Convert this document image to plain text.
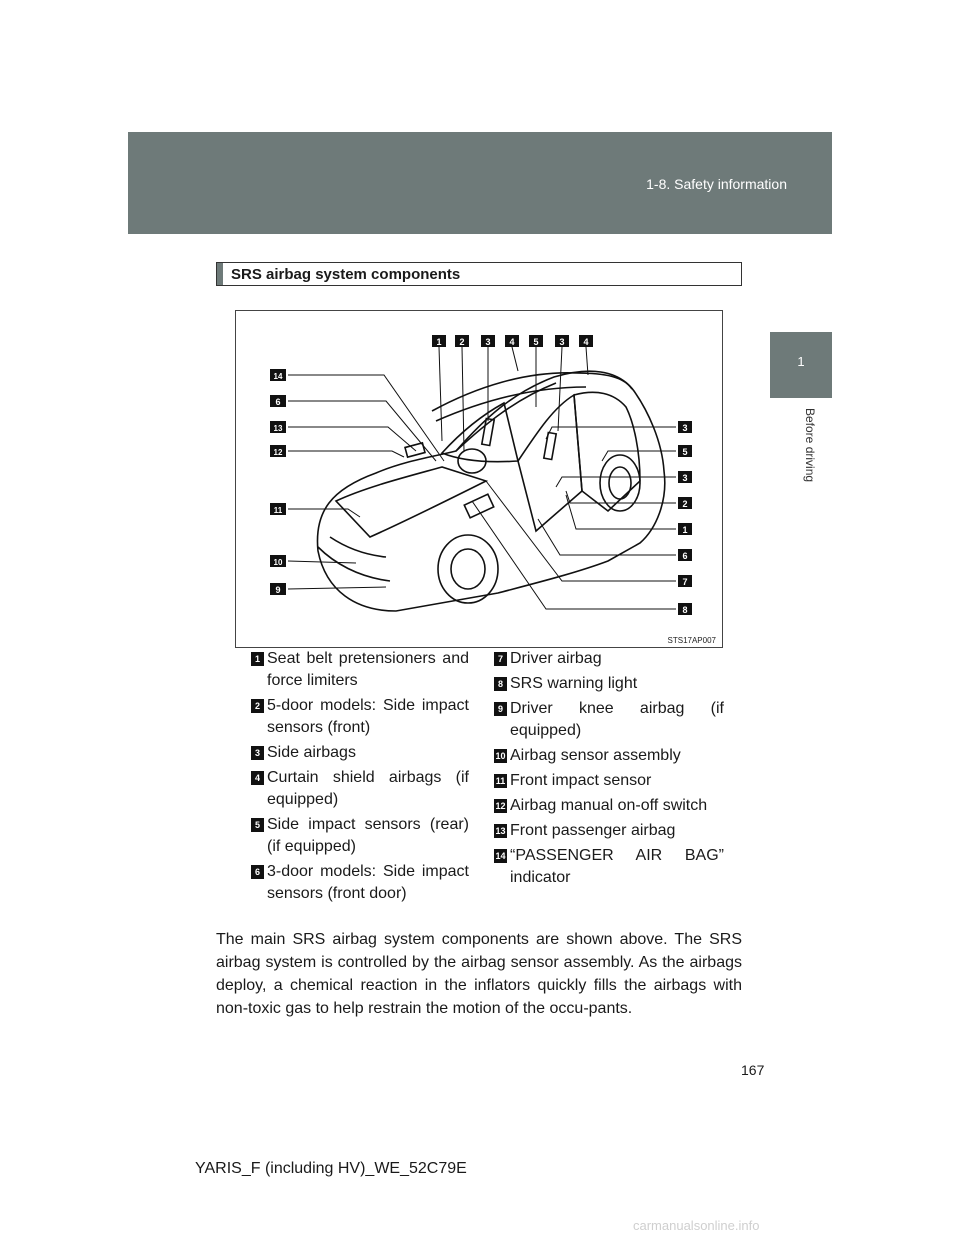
1-8. Safety information
1
Before driving
SRS airbag system components
1 2 3 4 5 3 4
14
6
13
12
11
10
9
3
5
3
2
1
6
7
8
STS17AP007
1 Seat belt pretensioners and force limiters
2 5-door models: Side impact sensors (front)
3 Side airbags
4 Curtain shield airbags (if equipped)
5 Side impact sensors (rear) (if equipped)
6 3-door models: Side impact sensors (front door)
7 Driver airbag
8 SRS warning light
9 Driver knee airbag (if equipped)
10 Airbag sensor assembly
11 Front impact sensor
12 Airbag manual on-off switch
13 Front passenger airbag
14 “PASSENGER AIR BAG” indicator

The main SRS airbag system components are shown above. The SRS airbag system is controlled by the airbag sensor assembly. As the airbags deploy, a chemical reaction in the inflators quickly fills the airbags with non-toxic gas to help restrain the motion of the occu-pants.

167
YARIS_F (including HV)_WE_52C79E
carmanualsonline.info
